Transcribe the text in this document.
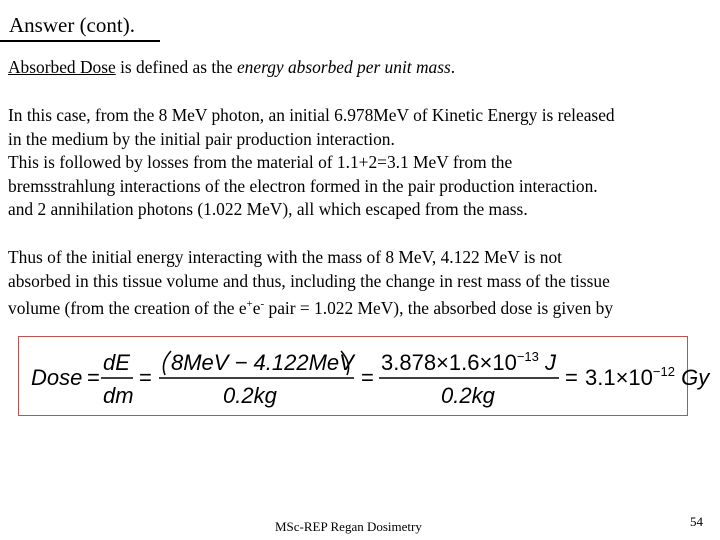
Answer (cont).
Absorbed Dose is defined as the energy absorbed per unit mass.
In this case, from the 8 MeV photon, an initial 6.978MeV of Kinetic Energy is released
in the medium by the initial pair production interaction.
This is followed by losses from the material of 1.1+2=3.1 MeV from the
bremsstrahlung interactions of the electron formed in the pair production interaction.
and 2 annihilation photons (1.022 MeV), all which escaped from the mass.
Thus of the initial energy interacting with the mass of 8 MeV, 4.122 MeV is not
absorbed in this tissue volume and thus, including the change in rest mass of the tissue
volume (from the creation of the e+e- pair = 1.022 MeV), the absorbed dose is given by
Dose =
dE
dm
=
8MeV − 4.122MeV
0.2kg
=
$3.878\times 1.6\times 10^{-13}$ J
0.2kg
= $3.1\times 10^{-12}$ Gy
MSc-REP Regan Dosimetry	54
